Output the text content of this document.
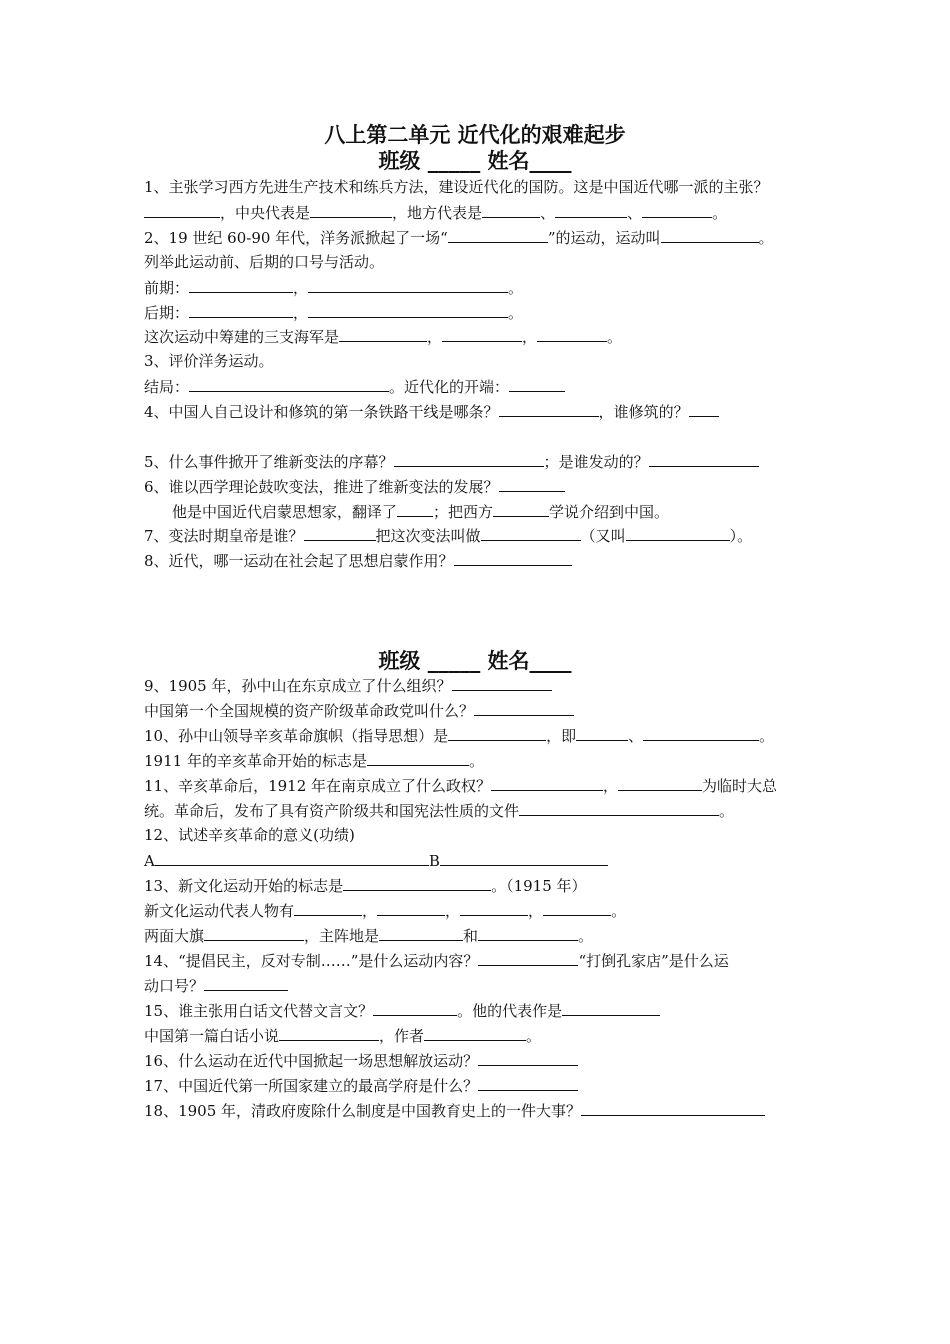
八上第二单元 近代化的艰难起步
班级 _____ 姓名____
1、主张学习西方先进生产技术和练兵方法，建设近代化的国防。这是中国近代哪一派的主张？
，中央代表是	，地方代表是	、	、	。
2、19 世纪 60-90 年代，洋务派掀起了一场“	”的运动，运动叫	。
列举此运动前、后期的口号与活动。
前期：	，	。
后期：	，	。
这次运动中筹建的三支海军是	，	，	。
3、评价洋务运动。
结局：	。近代化的开端：
4、中国人自己设计和修筑的第一条铁路干线是哪条？	，谁修筑的？
5、什么事件掀开了维新变法的序幕？	；是谁发动的？
6、谁以西学理论鼓吹变法，推进了维新变法的发展？
他是中国近代启蒙思想家，翻译了 ；把西方	学说介绍到中国。
7、变法时期皇帝是谁？	把这次变法叫做	（又叫	）。
8、近代，哪一运动在社会起了思想启蒙作用？
班级 _____ 姓名____
9、1905 年，孙中山在东京成立了什么组织？
中国第一个全国规模的资产阶级革命政党叫什么？
10、孙中山领导辛亥革命旗帜（指导思想）是	，即	、	。
1911 年的辛亥革命开始的标志是	。
11、辛亥革命后，1912 年在南京成立了什么政权？	，	为临时大总
统。革命后，发布了具有资产阶级共和国宪法性质的文件	。
12、试述辛亥革命的意义(功绩)
A	B
13、新文化运动开始的标志是	。（1915 年）
新文化运动代表人物有	，	，	，	。
两面大旗	，主阵地是	和	。
14、“提倡民主，反对专制……”是什么运动内容？	“打倒孔家店”是什么运
动口号？
15、谁主张用白话文代替文言文？	。他的代表作是
中国第一篇白话小说	，作者	。
16、什么运动在近代中国掀起一场思想解放运动？
17、中国近代第一所国家建立的最高学府是什么？
18、1905 年，清政府废除什么制度是中国教育史上的一件大事？
